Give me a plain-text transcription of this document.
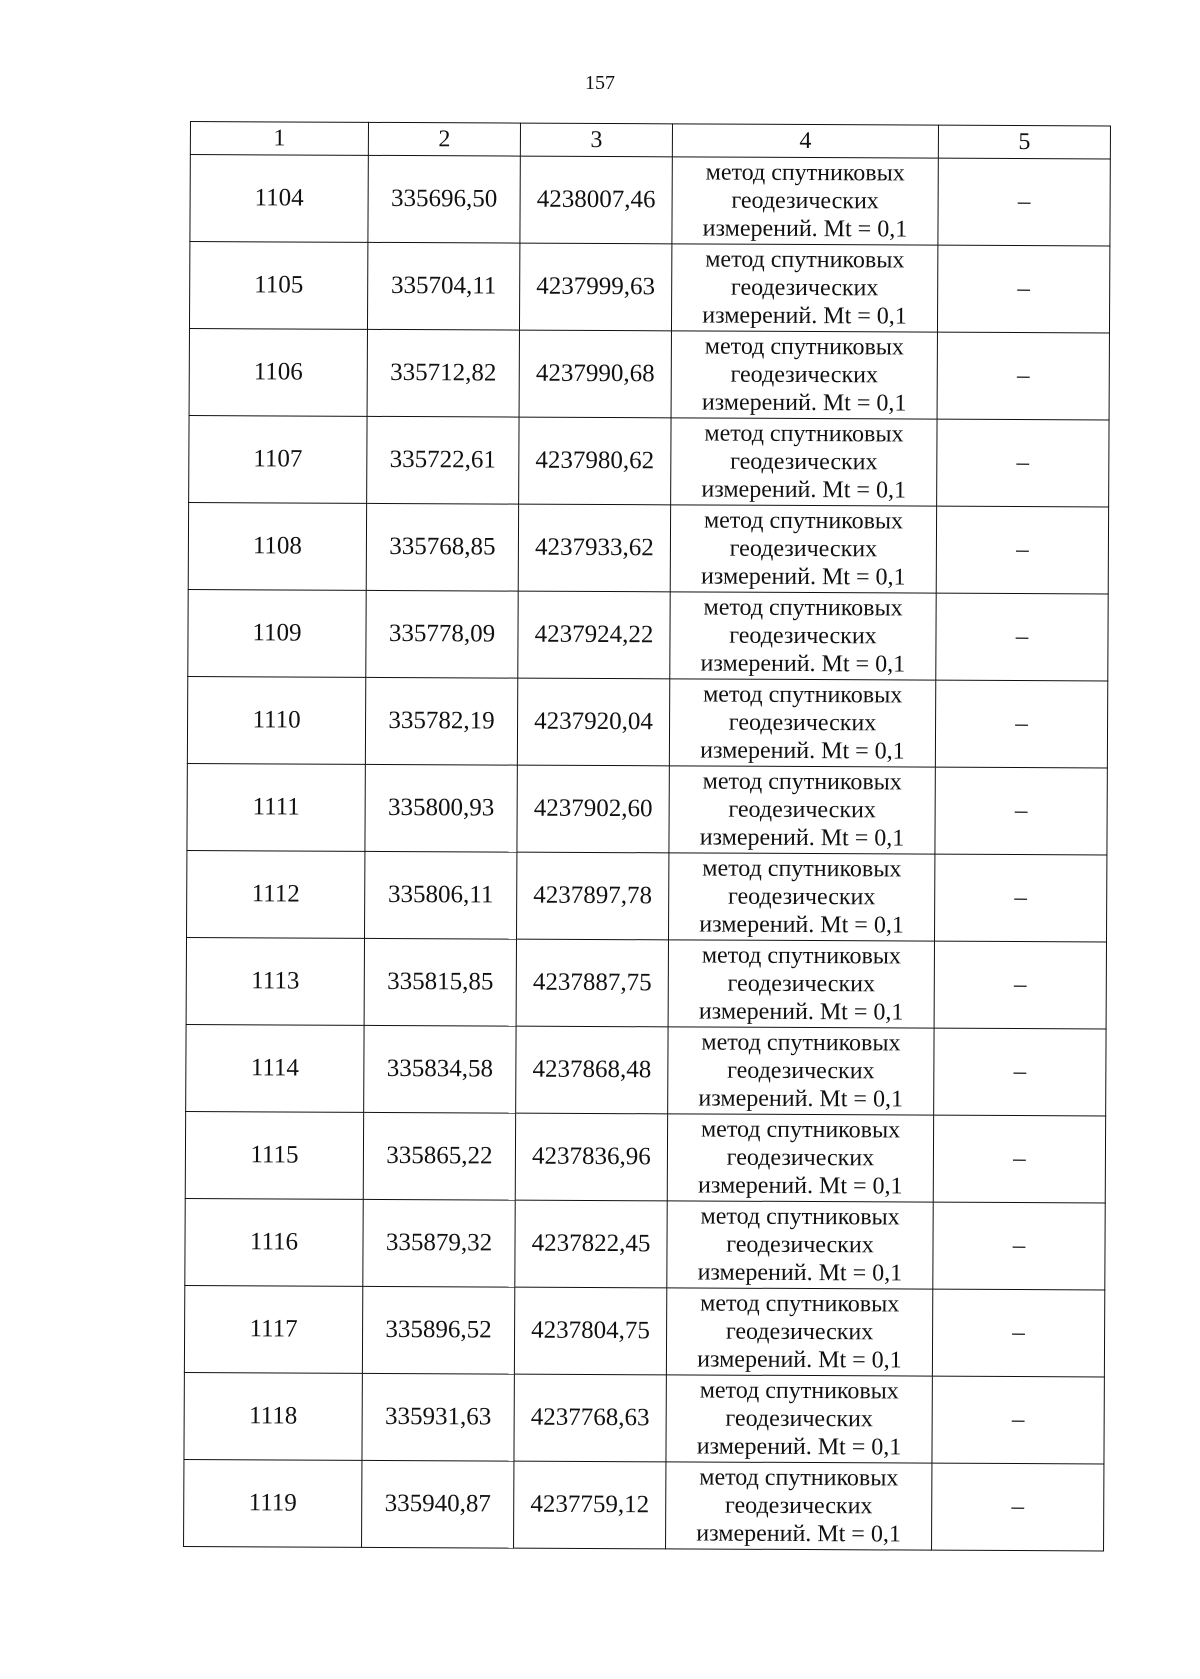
157
1	2	3	4	5
1104	335696,50	4238007,46	метод спутниковых
геодезических
измерений. Mt = 0,1	–
1105	335704,11	4237999,63	метод спутниковых
геодезических
измерений. Mt = 0,1	–
1106	335712,82	4237990,68	метод спутниковых
геодезических
измерений. Mt = 0,1	–
1107	335722,61	4237980,62	метод спутниковых
геодезических
измерений. Mt = 0,1	–
1108	335768,85	4237933,62	метод спутниковых
геодезических
измерений. Mt = 0,1	–
1109	335778,09	4237924,22	метод спутниковых
геодезических
измерений. Mt = 0,1	–
1110	335782,19	4237920,04	метод спутниковых
геодезических
измерений. Mt = 0,1	–
1111	335800,93	4237902,60	метод спутниковых
геодезических
измерений. Mt = 0,1	–
1112	335806,11	4237897,78	метод спутниковых
геодезических
измерений. Mt = 0,1	–
1113	335815,85	4237887,75	метод спутниковых
геодезических
измерений. Mt = 0,1	–
1114	335834,58	4237868,48	метод спутниковых
геодезических
измерений. Mt = 0,1	–
1115	335865,22	4237836,96	метод спутниковых
геодезических
измерений. Mt = 0,1	–
1116	335879,32	4237822,45	метод спутниковых
геодезических
измерений. Mt = 0,1	–
1117	335896,52	4237804,75	метод спутниковых
геодезических
измерений. Mt = 0,1	–
1118	335931,63	4237768,63	метод спутниковых
геодезических
измерений. Mt = 0,1	–
1119	335940,87	4237759,12	метод спутниковых
геодезических
измерений. Mt = 0,1	–
